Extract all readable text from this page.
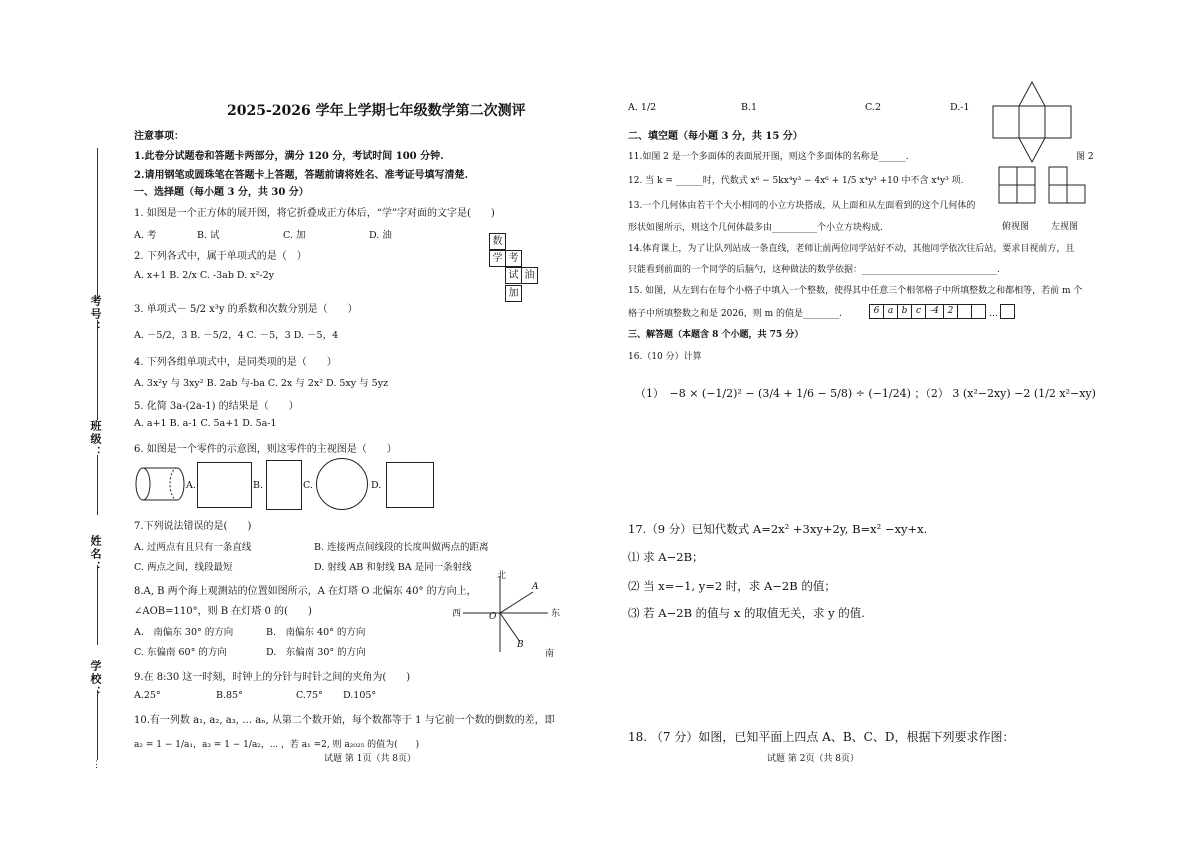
考号：
班级：
姓名：
学校：
⋮
2025-2026 学年上学期七年级数学第二次测评
注意事项：
1.此卷分试题卷和答题卡两部分，满分 120 分，考试时间 100 分钟.
2.请用钢笔或圆珠笔在答题卡上答题，答题前请将姓名、准考证号填写清楚.
一、选择题（每小题 3 分，共 30 分）
1. 如图是一个正方体的展开图，将它折叠成正方体后，“学”字对面的文字是(　　)
A. 考	B. 试	C. 加	D. 油
数
学 考
试 油
加
2. 下列各式中，属于单项式的是（　）
A. x+1 B. 2/x C. -3ab D. x²-2y
3. 单项式－ 5/2 x³y 的系数和次数分别是（　　）
A. －5/2，3 B. －5/2，4 C. －5，3 D. －5，4
4. 下列各组单项式中，是同类项的是（　　）
A. 3x²y 与 3xy² B. 2ab 与-ba C. 2x 与 2x² D. 5xy 与 5yz
5. 化简 3a-(2a-1) 的结果是（　　）
A. a+1 B. a-1 C. 5a+1 D. 5a-1
6. 如图是一个零件的示意图，则这零件的主视图是（　　）
A.	B.	C.	D.
7.下列说法错误的是(　　)
A. 过两点有且只有一条直线	B. 连接两点间线段的长度叫做两点的距离
C. 两点之间，线段最短	D. 射线 AB 和射线 BA 是同一条射线
8.A, B 两个海上观测站的位置如图所示，A 在灯塔 O 北偏东 40° 的方向上，
∠AOB=110°，则 B 在灯塔 0 的(　　)
A.　南偏东 30° 的方向	B.　南偏东 40° 的方向
C. 东偏南 60° 的方向	D.　东偏南 30° 的方向
北
南
东
西	O
A
B
9.在 8:30 这一时刻，时钟上的分针与时针之间的夹角为(　　)
A.25°	B.85°	C.75° D.105°
10.有一列数 a₁, a₂, a₃, … aₙ, 从第二个数开始，每个数都等于 1 与它前一个数的倒数的差，即
a₂ = 1 − 1/a₁，a₃ = 1 − 1/a₂，⋯ ，若 a₁ =2, 则 a₂₀₂₅ 的值为(　　)
试题 第 1页（共 8页）
A. 1/2	B.1	C.2	D.-1
图 2
二、填空题（每小题 3 分，共 15 分）
11.如图 2 是一个多面体的表面展开图，则这个多面体的名称是______.
12. 当 k = ______时，代数式 x⁶ − 5kx⁴y³ − 4x⁶ + 1/5 x⁴y³ +10 中不含 x⁴y³ 项.
俯视图 左视图
13.一个几何体由若干个大小相同的小立方块搭成，从上面和从左面看到的这个几何体的
形状如图所示，则这个几何体最多由__________个小立方块构成.
14.体育课上，为了让队列站成一条直线，老师让前两位同学站好不动，其他同学依次往后站，要求目视前方，且
只能看到前面的一个同学的后脑勺，这种做法的数学依据：______________________________.
15. 如图，从左到右在每个小格子中填入一个整数，使得其中任意三个相邻格子中所填整数之和都相等，若前 m 个
格子中所填整数之和是 2026，则 m 的值是________.	6 a b c -4 2	…
三、解答题（本题含 8 个小题，共 75 分）
16.（10 分）计算
（1）　−8 × (−1/2)² − (3/4 + 1/6 − 5/8) ÷ (−1/24) ；（2） 3 (x²−2xy) −2 (1/2 x²−xy)
17.（9 分）已知代数式 A=2x² +3xy+2y, B=x² −xy+x.
⑴ 求 A−2B；
⑵ 当 x=−1, y=2 时，求 A−2B 的值；
⑶ 若 A−2B 的值与 x 的取值无关，求 y 的值.
18. （7 分）如图，已知平面上四点 A、B、C、D，根据下列要求作图：
试题 第 2页（共 8页）
